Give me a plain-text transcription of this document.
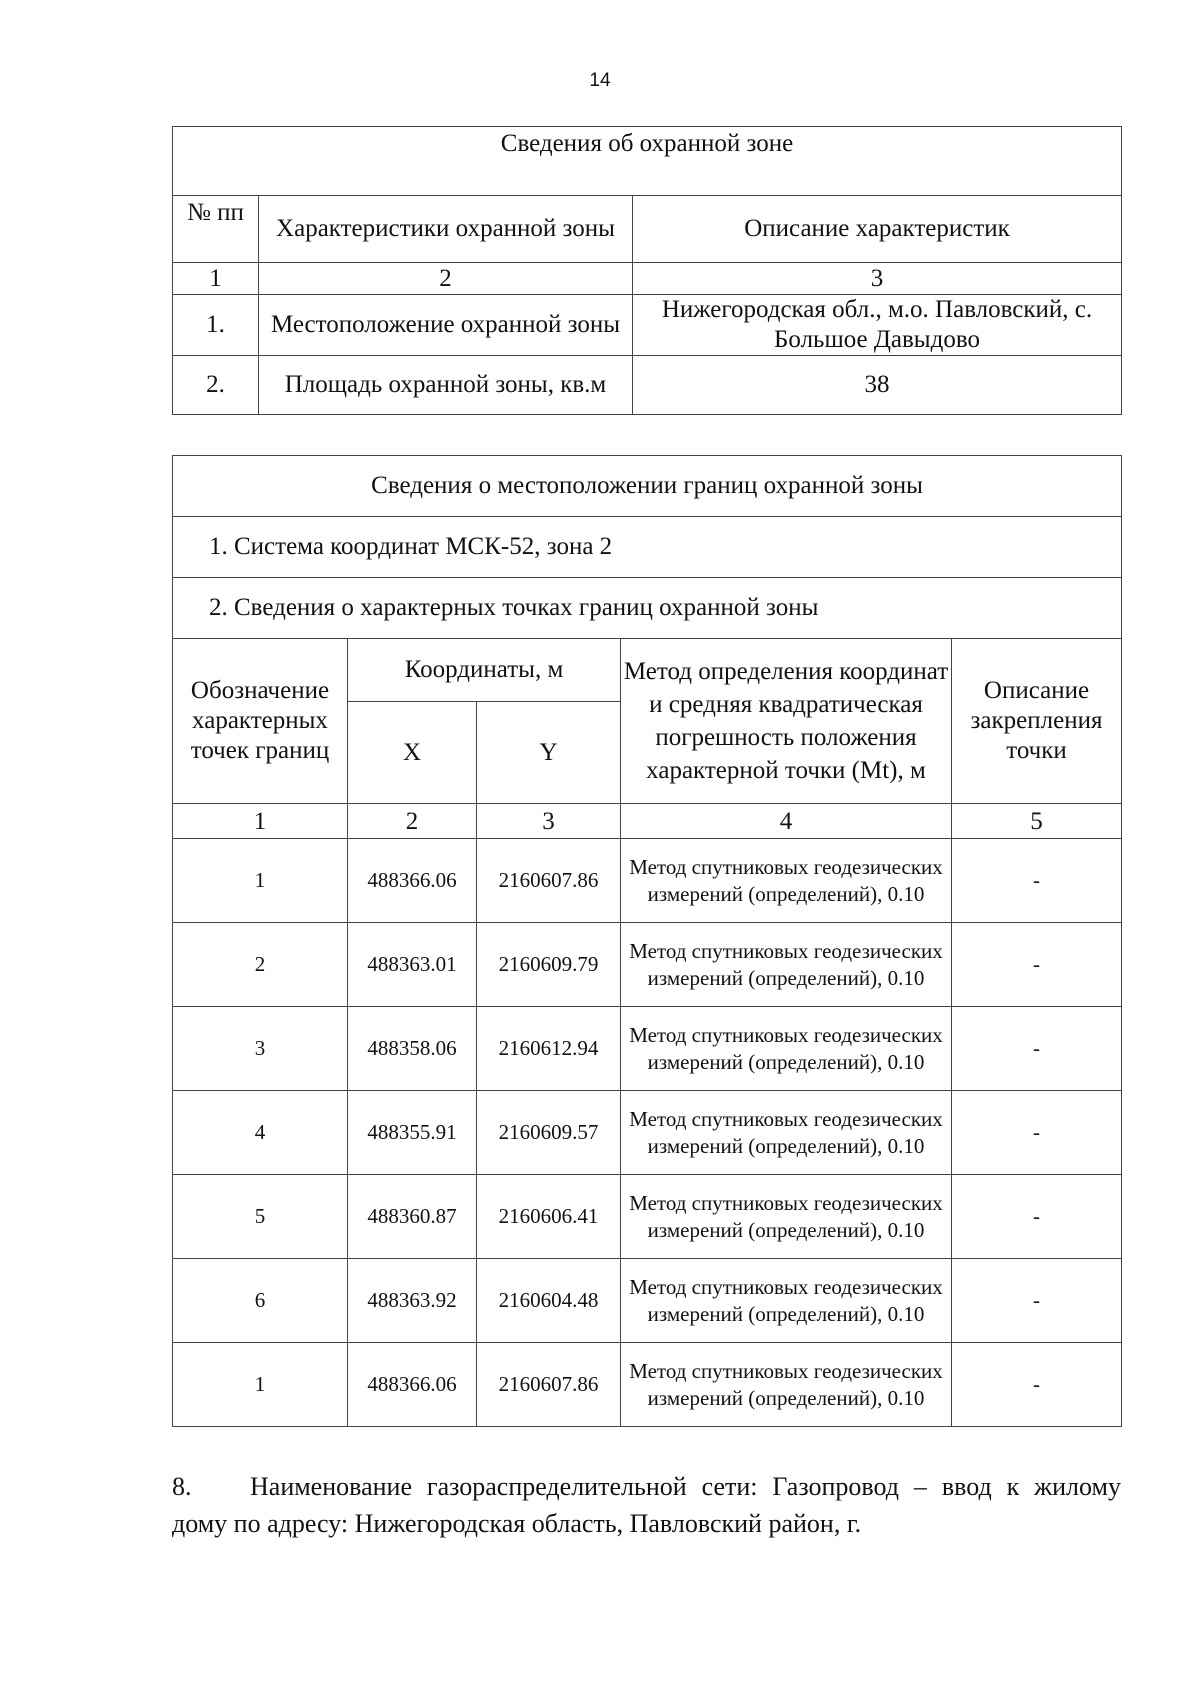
14
Сведения об охранной зоне		
№ пп	Характеристики охранной зоны	Описание характеристик
1	2	3
1.	Местоположение охранной зоны	Нижегородская обл., м.о. Павловский, с. Большое Давыдово
2.	Площадь охранной зоны, кв.м	38
Сведения о местоположении границ охранной зоны				
1. Система координат МСК-52, зона 2				
2. Сведения о характерных точках границ охранной зоны				
Обозначение характерных точек границ	Координаты, м		Метод определения координат и средняя квадратическая погрешность положения характерной точки (Mt), м	Описание закрепления точки
	X	Y		
1	2	3	4	5
1	488366.06	2160607.86	Метод спутниковых геодезических измерений (определений), 0.10	-
2	488363.01	2160609.79	Метод спутниковых геодезических измерений (определений), 0.10	-
3	488358.06	2160612.94	Метод спутниковых геодезических измерений (определений), 0.10	-
4	488355.91	2160609.57	Метод спутниковых геодезических измерений (определений), 0.10	-
5	488360.87	2160606.41	Метод спутниковых геодезических измерений (определений), 0.10	-
6	488363.92	2160604.48	Метод спутниковых геодезических измерений (определений), 0.10	-
1	488366.06	2160607.86	Метод спутниковых геодезических измерений (определений), 0.10	-
8. Наименование газораспределительной сети: Газопровод – ввод к жилому дому по адресу: Нижегородская область, Павловский район, г.
